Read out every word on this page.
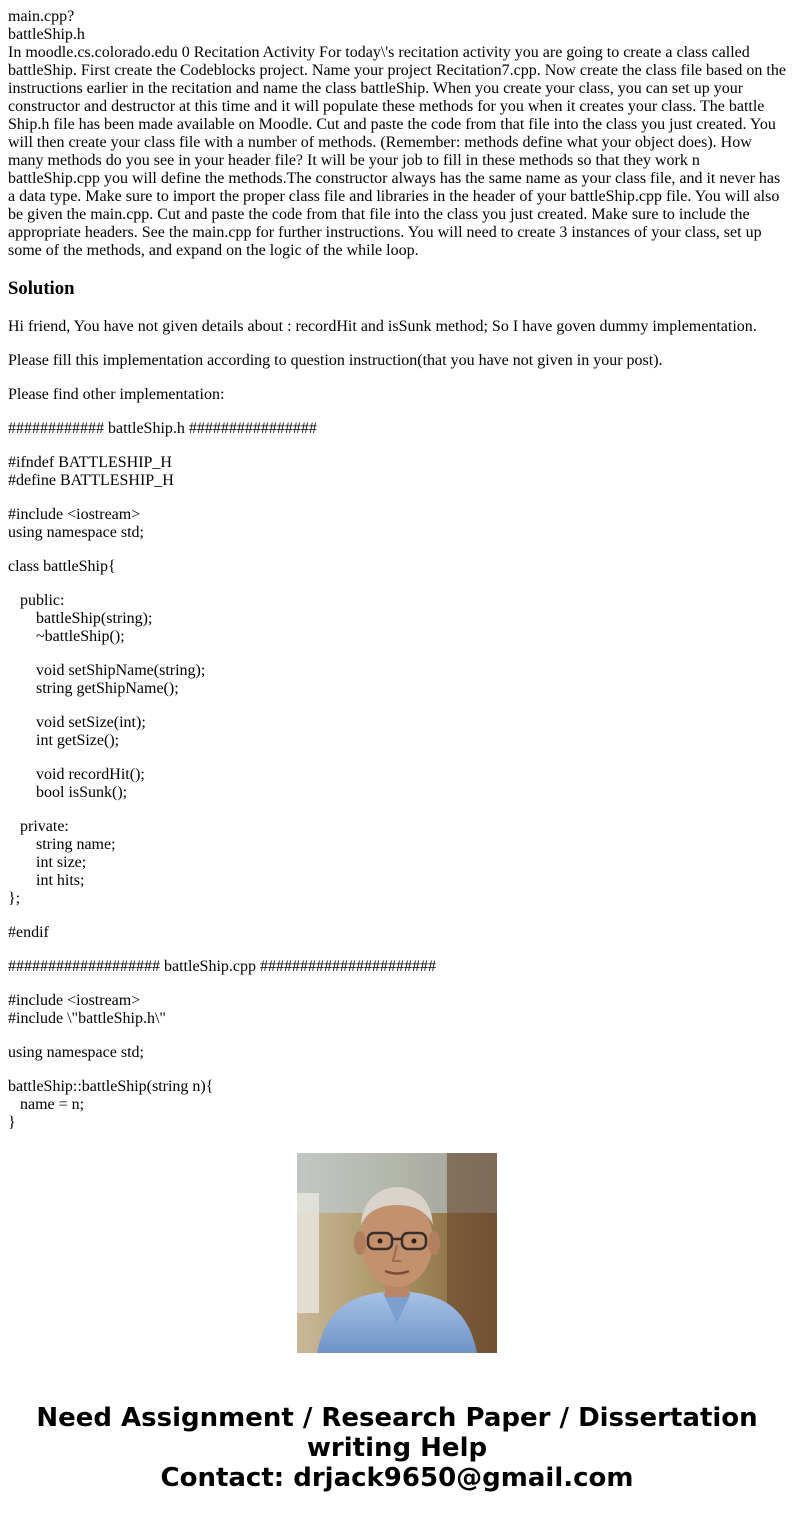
main.cpp?
battleShip.h

In moodle.cs.colorado.edu 0 Recitation Activity For today\'s recitation activity you are going to create a class called battleShip. First create the Codeblocks project. Name your project Recitation7.cpp. Now create the class file based on the instructions earlier in the recitation and name the class battleShip. When you create your class, you can set up your constructor and destructor at this time and it will populate these methods for you when it creates your class. The battle Ship.h file has been made available on Moodle. Cut and paste the code from that file into the class you just created. You will then create your class file with a number of methods. (Remember: methods define what your object does). How many methods do you see in your header file? It will be your job to fill in these methods so that they work n battleShip.cpp you will define the methods.The constructor always has the same name as your class file, and it never has a data type. Make sure to import the proper class file and libraries in the header of your battleShip.cpp file. You will also be given the main.cpp. Cut and paste the code from that file into the class you just created. Make sure to include the appropriate headers. See the main.cpp for further instructions. You will need to create 3 instances of your class, set up some of the methods, and expand on the logic of the while loop.

Solution

Hi friend, You have not given details about : recordHit and isSunk method; So I have goven dummy implementation.

Please fill this implementation according to question instruction(that you have not given in your post).

Please find other implementation:

############ battleShip.h ################

#ifndef BATTLESHIP_H
#define BATTLESHIP_H

#include <iostream>
using namespace std;

class battleShip{

public:
battleShip(string);
~battleShip();

void setShipName(string);
string getShipName();

void setSize(int);
int getSize();

void recordHit();
bool isSunk();

private:
string name;
int size;
int hits;
};

#endif

################### battleShip.cpp ######################

#include <iostream>
#include \"battleShip.h\"

using namespace std;

battleShip::battleShip(string n){
name = n;
}

Need Assignment / Research Paper / Dissertation
writing Help
Contact: drjack9650@gmail.com
